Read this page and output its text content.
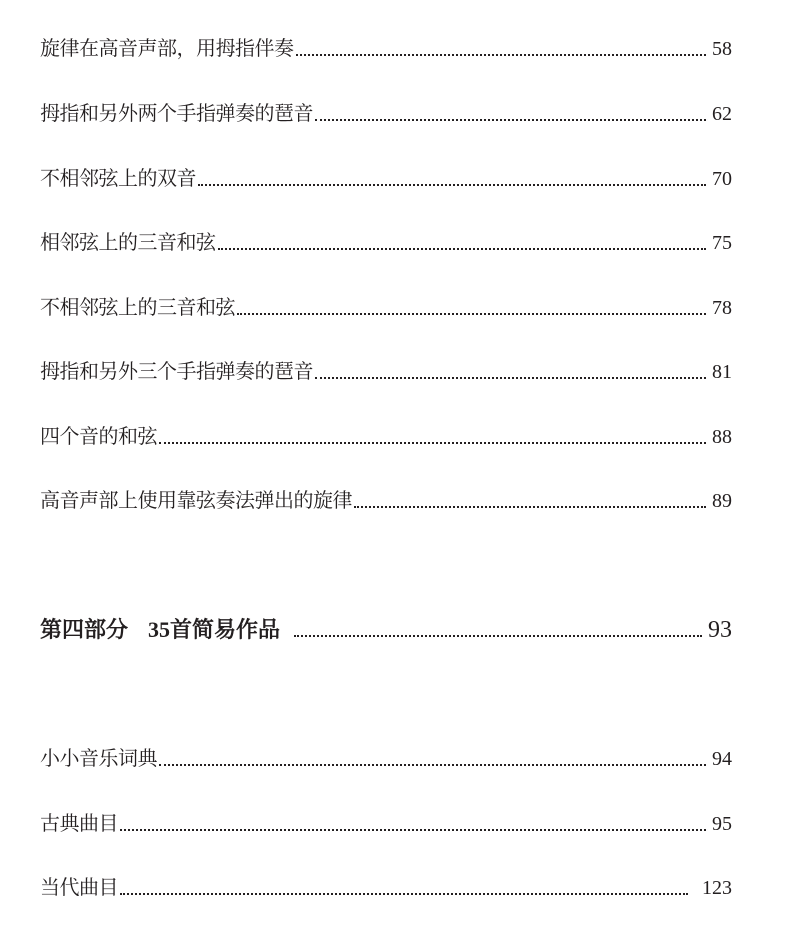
旋律在高音声部，用拇指伴奏	58
拇指和另外两个手指弹奏的琶音	62
不相邻弦上的双音	70
相邻弦上的三音和弦	75
不相邻弦上的三音和弦	78
拇指和另外三个手指弹奏的琶音	81
四个音的和弦	88
高音声部上使用靠弦奏法弹出的旋律	89
第四部分 35首简易作品	93
小小音乐词典	94
古典曲目	95
当代曲目	123
